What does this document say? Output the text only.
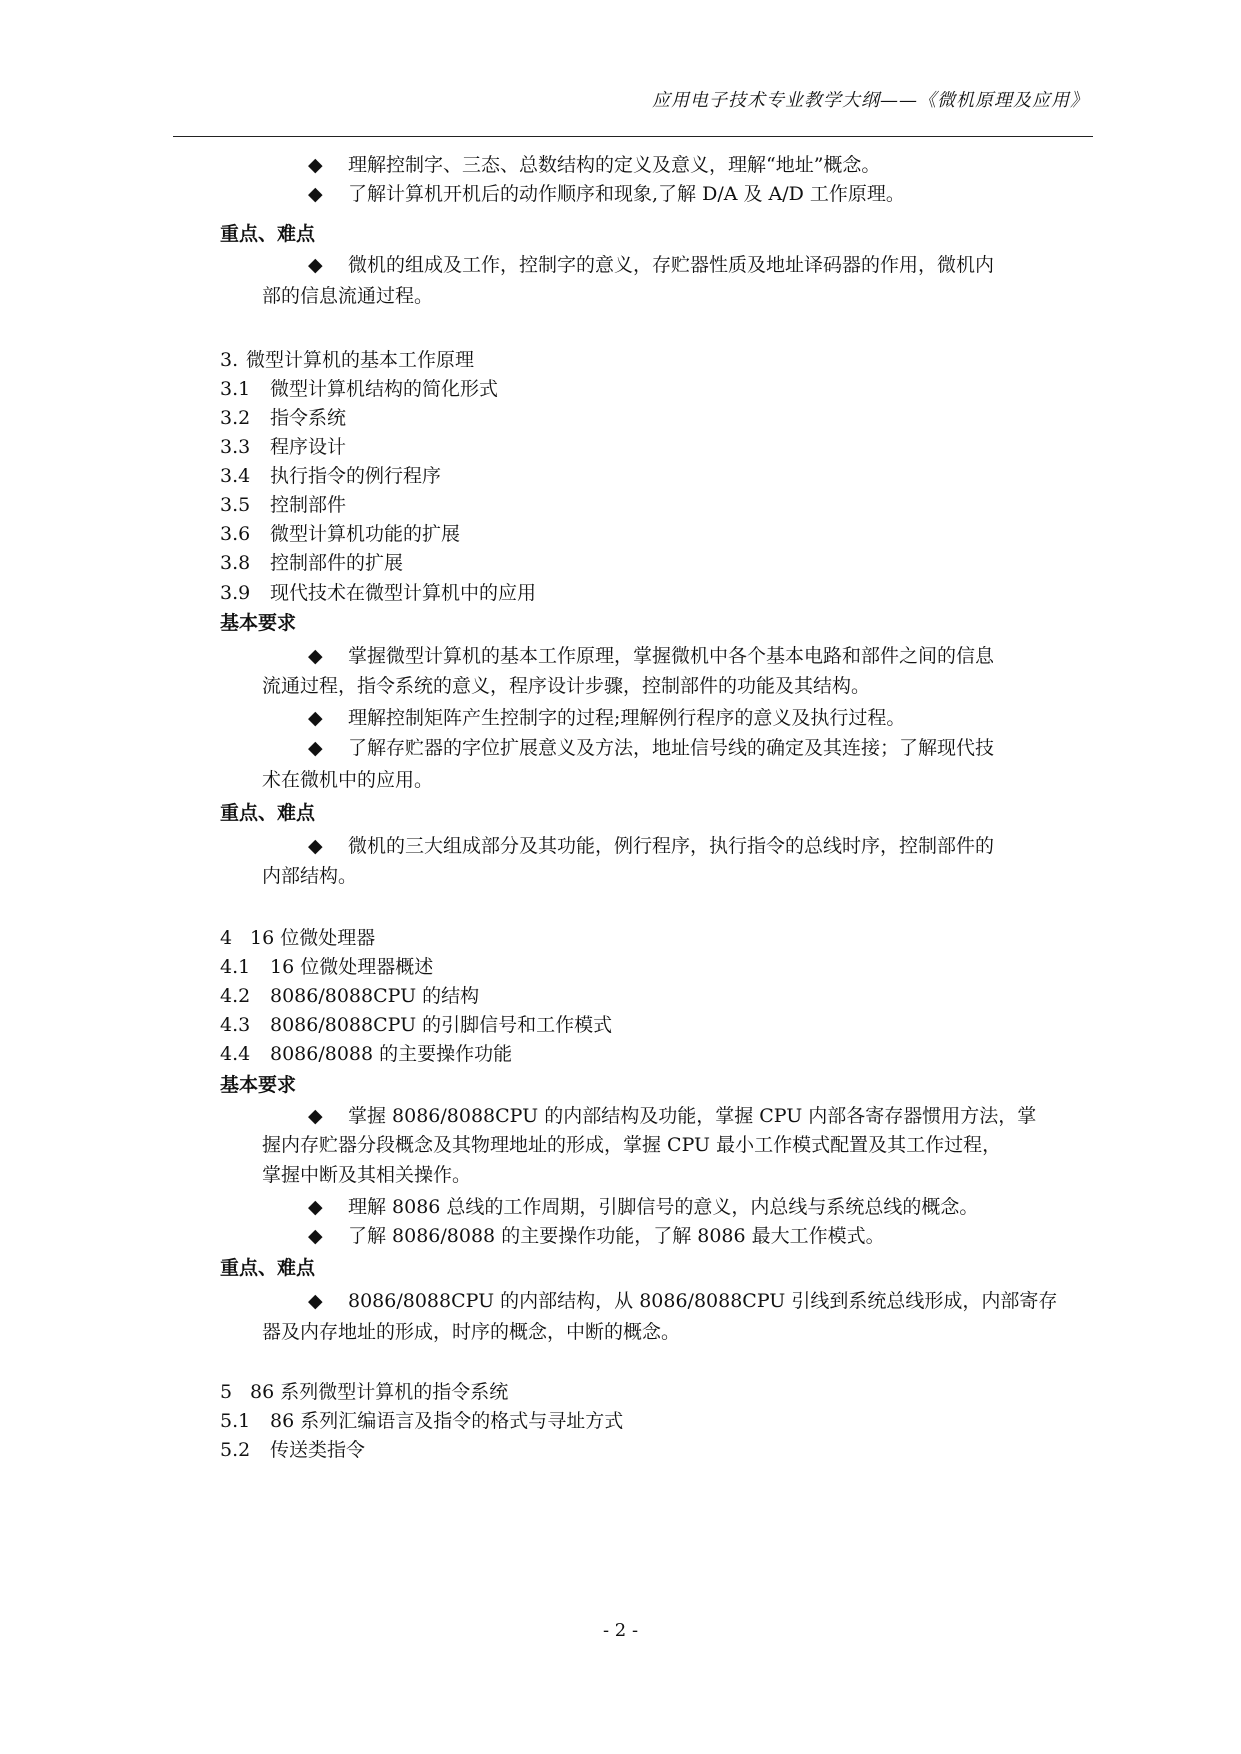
应用电子技术专业教学大纲——《微机原理及应用》
◆ 理解控制字、三态、总数结构的定义及意义，理解“地址”概念。
◆ 了解计算机开机后的动作顺序和现象,了解 D/A 及 A/D 工作原理。
重点、难点
◆ 微机的组成及工作，控制字的意义，存贮器性质及地址译码器的作用，微机内
部的信息流通过程。
3. 微型计算机的基本工作原理
3.1 微型计算机结构的简化形式
3.2 指令系统
3.3 程序设计
3.4 执行指令的例行程序
3.5 控制部件
3.6 微型计算机功能的扩展
3.8 控制部件的扩展
3.9 现代技术在微型计算机中的应用
基本要求
◆ 掌握微型计算机的基本工作原理，掌握微机中各个基本电路和部件之间的信息
流通过程，指令系统的意义，程序设计步骤，控制部件的功能及其结构。
◆ 理解控制矩阵产生控制字的过程;理解例行程序的意义及执行过程。
◆ 了解存贮器的字位扩展意义及方法，地址信号线的确定及其连接；了解现代技
术在微机中的应用。
重点、难点
◆ 微机的三大组成部分及其功能，例行程序，执行指令的总线时序，控制部件的
内部结构。
4 16 位微处理器
4.1 16 位微处理器概述
4.2 8086/8088CPU 的结构
4.3 8086/8088CPU 的引脚信号和工作模式
4.4 8086/8088 的主要操作功能
基本要求
◆ 掌握 8086/8088CPU 的内部结构及功能，掌握 CPU 内部各寄存器惯用方法，掌
握内存贮器分段概念及其物理地址的形成，掌握 CPU 最小工作模式配置及其工作过程，
掌握中断及其相关操作。
◆ 理解 8086 总线的工作周期，引脚信号的意义，内总线与系统总线的概念。
◆ 了解 8086/8088 的主要操作功能，了解 8086 最大工作模式。
重点、难点
◆ 8086/8088CPU 的内部结构，从 8086/8088CPU 引线到系统总线形成，内部寄存
器及内存地址的形成，时序的概念，中断的概念。
5 86 系列微型计算机的指令系统
5.1 86 系列汇编语言及指令的格式与寻址方式
5.2 传送类指令
- 2 -
